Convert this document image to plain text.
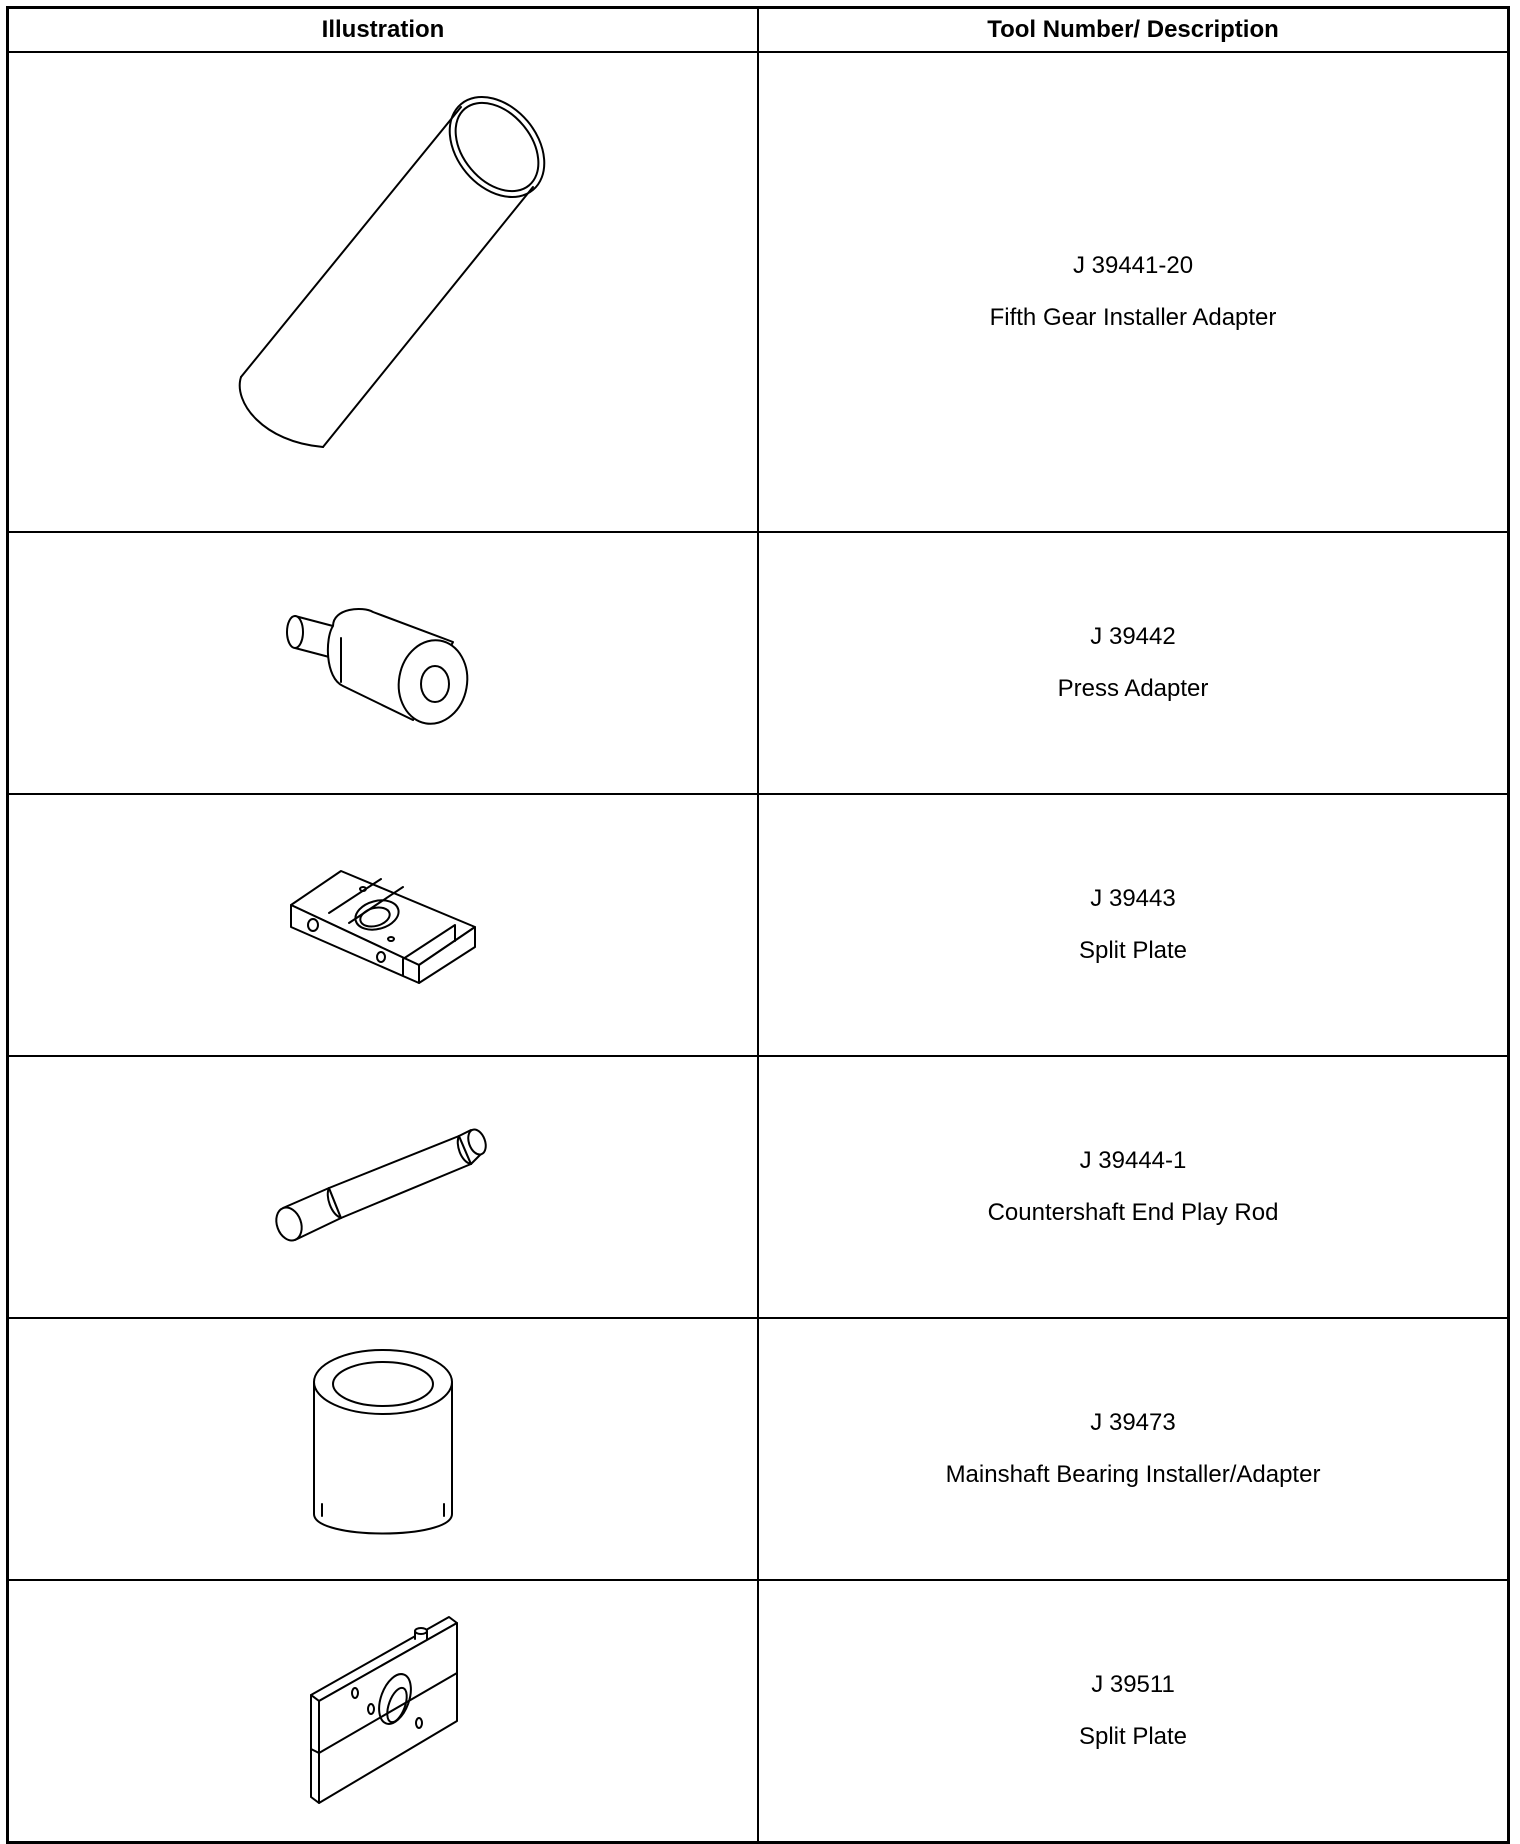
Illustration	Tool Number/ Description

J 39441-20
Fifth Gear Installer Adapter

J 39442
Press Adapter

J 39443
Split Plate

J 39444-1
Countershaft End Play Rod

J 39473
Mainshaft Bearing Installer/Adapter

J 39511
Split Plate
